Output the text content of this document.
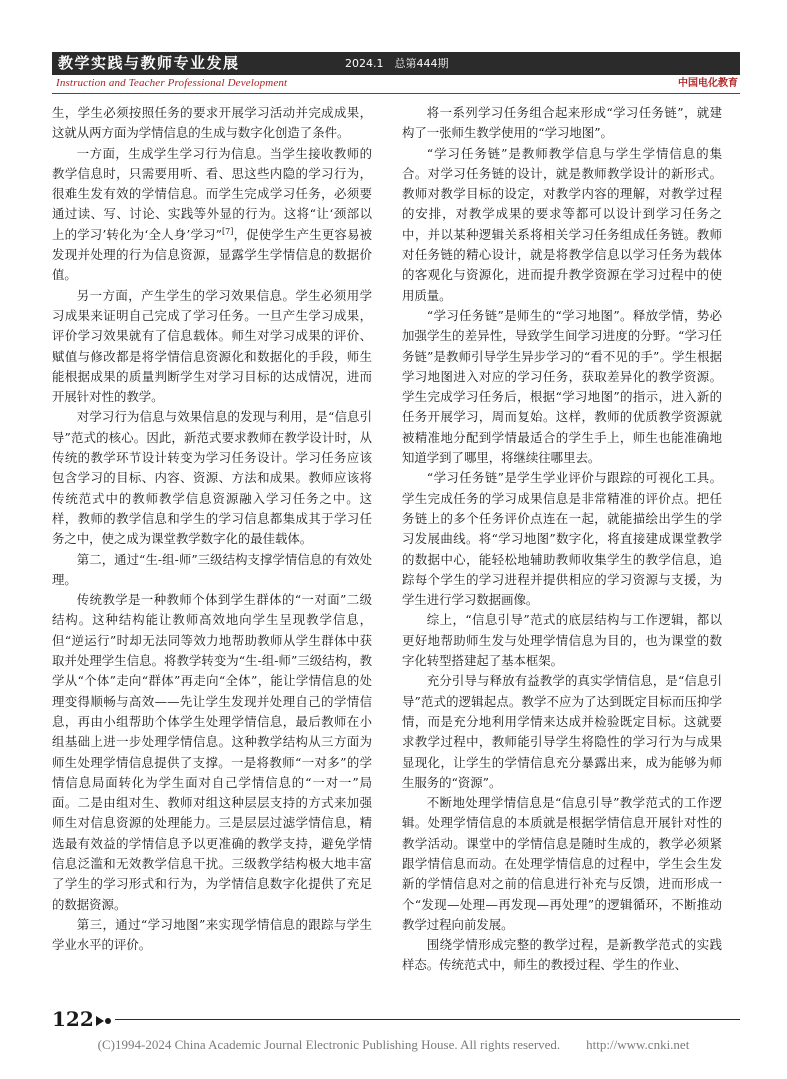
教学实践与教师专业发展	2024.1　总第444期
Instruction and Teacher Professional Development	中国电化教育

生，学生必须按照任务的要求开展学习活动并完成成果，这就从两方面为学情信息的生成与数字化创造了条件。

一方面，生成学生学习行为信息。当学生接收教师的教学信息时，只需要用听、看、思这些内隐的学习行为，很难生发有效的学情信息。而学生完成学习任务，必须要通过读、写、讨论、实践等外显的行为。这将“让‘颈部以上的学习’转化为‘全人身’学习”[7]，促使学生产生更容易被发现并处理的行为信息资源，显露学生学情信息的数据价值。

另一方面，产生学生的学习效果信息。学生必须用学习成果来证明自己完成了学习任务。一旦产生学习成果，评价学习效果就有了信息载体。师生对学习成果的评价、赋值与修改都是将学情信息资源化和数据化的手段，师生能根据成果的质量判断学生对学习目标的达成情况，进而开展针对性的教学。

对学习行为信息与效果信息的发现与利用，是“信息引导”范式的核心。因此，新范式要求教师在教学设计时，从传统的教学环节设计转变为学习任务设计。学习任务应该包含学习的目标、内容、资源、方法和成果。教师应该将传统范式中的教师教学信息资源融入学习任务之中。这样，教师的教学信息和学生的学习信息都集成其于学习任务之中，使之成为课堂教学数字化的最佳载体。

第二，通过“生-组-师”三级结构支撑学情信息的有效处理。

传统教学是一种教师个体到学生群体的“一对面”二级结构。这种结构能让教师高效地向学生呈现教学信息，但“逆运行”时却无法同等效力地帮助教师从学生群体中获取并处理学生信息。将教学转变为“生-组-师”三级结构，教学从“个体”走向“群体”再走向“全体”，能让学情信息的处理变得顺畅与高效——先让学生发现并处理自己的学情信息，再由小组帮助个体学生处理学情信息，最后教师在小组基础上进一步处理学情信息。这种教学结构从三方面为师生处理学情信息提供了支撑。一是将教师“一对多”的学情信息局面转化为学生面对自己学情信息的“一对一”局面。二是由组对生、教师对组这种层层支持的方式来加强师生对信息资源的处理能力。三是层层过滤学情信息，精选最有效益的学情信息予以更准确的教学支持，避免学情信息泛滥和无效教学信息干扰。三级教学结构极大地丰富了学生的学习形式和行为，为学情信息数字化提供了充足的数据资源。

第三，通过“学习地图”来实现学情信息的跟踪与学生学业水平的评价。

将一系列学习任务组合起来形成“学习任务链”，就建构了一张师生教学使用的“学习地图”。

“学习任务链”是教师教学信息与学生学情信息的集合。对学习任务链的设计，就是教师教学设计的新形式。教师对教学目标的设定，对教学内容的理解，对教学过程的安排，对教学成果的要求等都可以设计到学习任务之中，并以某种逻辑关系将相关学习任务组成任务链。教师对任务链的精心设计，就是将教学信息以学习任务为载体的客观化与资源化，进而提升教学资源在学习过程中的使用质量。

“学习任务链”是师生的“学习地图”。释放学情，势必加强学生的差异性，导致学生间学习进度的分野。“学习任务链”是教师引导学生异步学习的“看不见的手”。学生根据学习地图进入对应的学习任务，获取差异化的教学资源。学生完成学习任务后，根据“学习地图”的指示，进入新的任务开展学习，周而复始。这样，教师的优质教学资源就被精准地分配到学情最适合的学生手上，师生也能准确地知道学到了哪里，将继续往哪里去。

“学习任务链”是学生学业评价与跟踪的可视化工具。学生完成任务的学习成果信息是非常精准的评价点。把任务链上的多个任务评价点连在一起，就能描绘出学生的学习发展曲线。将“学习地图”数字化，将直接建成课堂教学的数据中心，能轻松地辅助教师收集学生的教学信息，追踪每个学生的学习进程并提供相应的学习资源与支援，为学生进行学习数据画像。

综上，“信息引导”范式的底层结构与工作逻辑，都以更好地帮助师生发与处理学情信息为目的，也为课堂的数字化转型搭建起了基本框架。

充分引导与释放有益教学的真实学情信息，是“信息引导”范式的逻辑起点。教学不应为了达到既定目标而压抑学情，而是充分地利用学情来达成并检验既定目标。这就要求教学过程中，教师能引导学生将隐性的学习行为与成果显现化，让学生的学情信息充分暴露出来，成为能够为师生服务的“资源”。

不断地处理学情信息是“信息引导”教学范式的工作逻辑。处理学情信息的本质就是根据学情信息开展针对性的教学活动。课堂中的学情信息是随时生成的，教学必须紧跟学情信息而动。在处理学情信息的过程中，学生会生发新的学情信息对之前的信息进行补充与反馈，进而形成一个“发现—处理—再发现—再处理”的逻辑循环，不断推动教学过程向前发展。

围绕学情形成完整的教学过程，是新教学范式的实践样态。传统范式中，师生的教授过程、学生的作业、

122
(C)1994-2024 China Academic Journal Electronic Publishing House. All rights reserved.　　http://www.cnki.net
